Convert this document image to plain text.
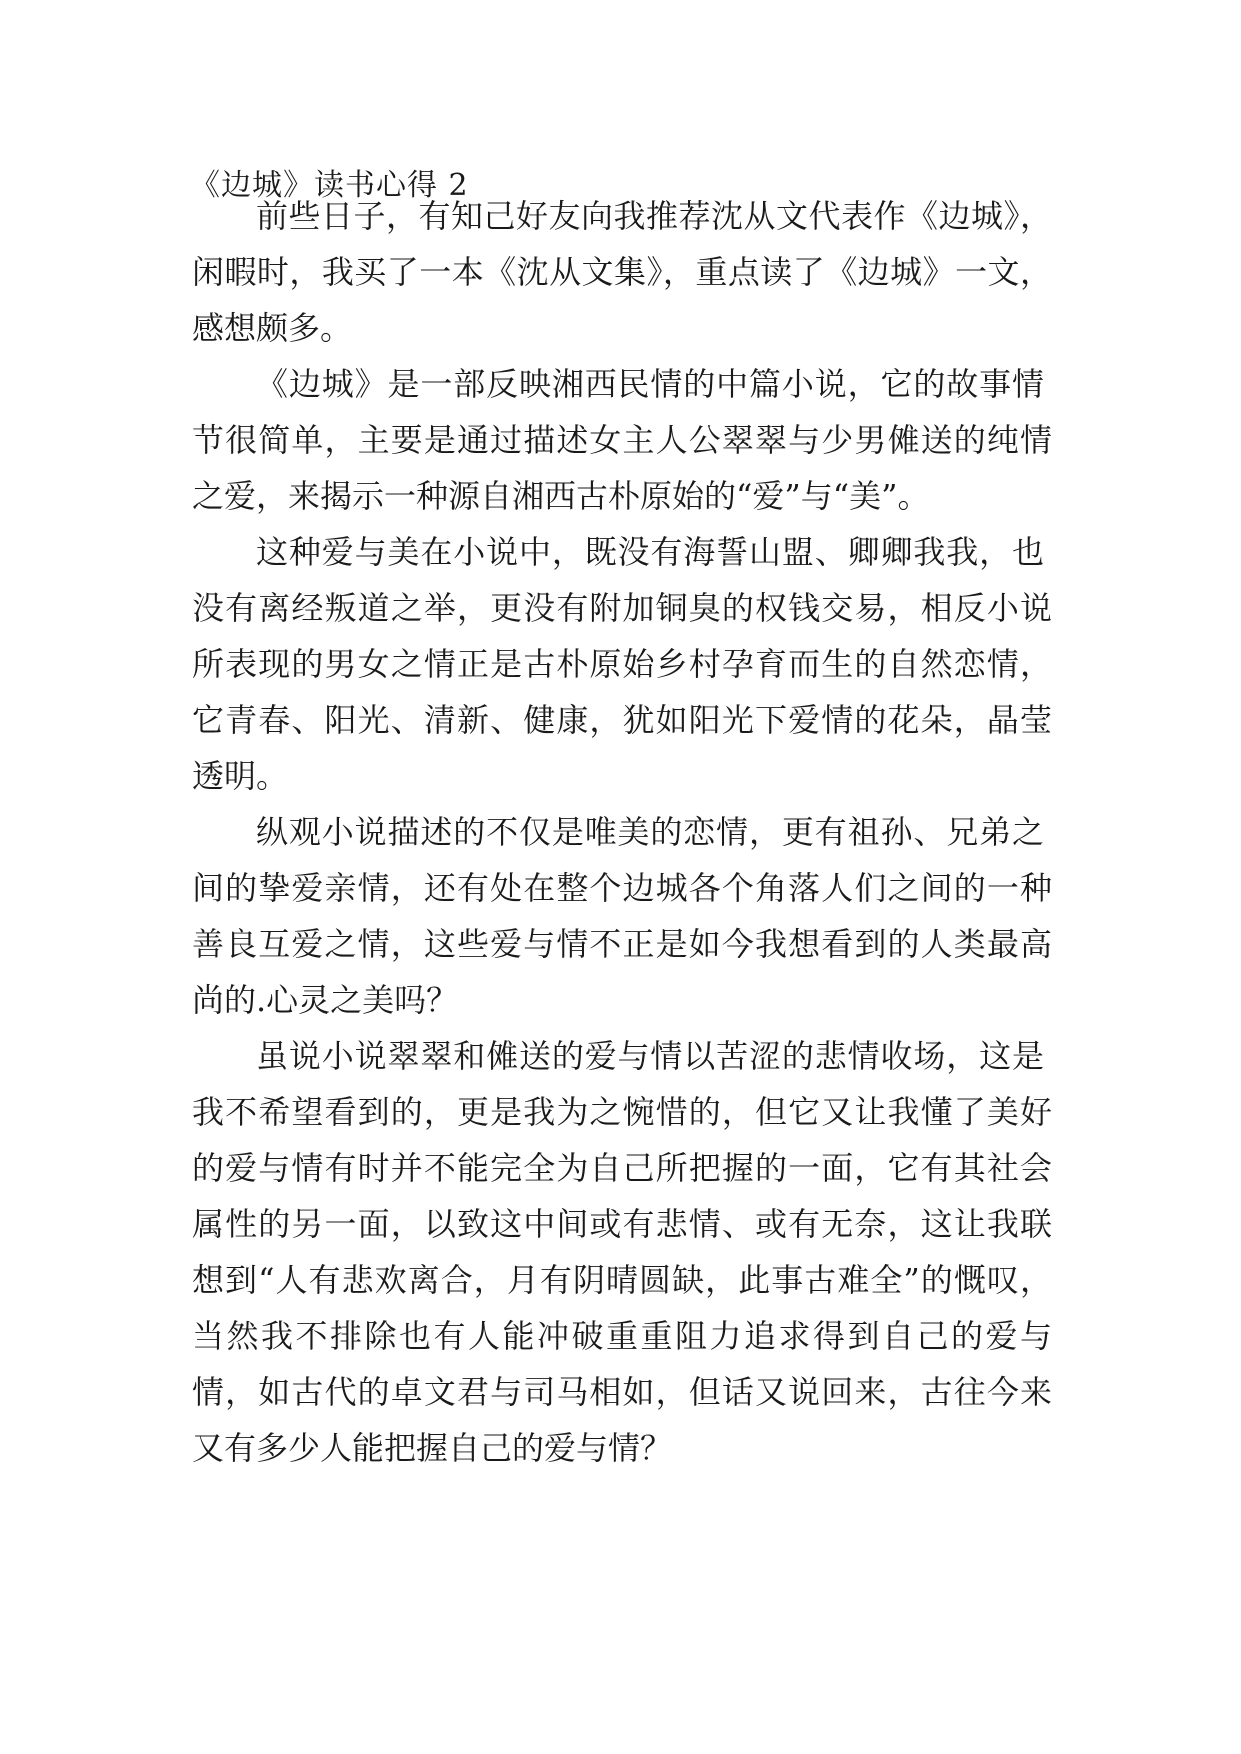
《边城》读书心得 2
前些日子，有知己好友向我推荐沈从文代表作《边城》，
闲暇时，我买了一本《沈从文集》，重点读了《边城》一文，
感想颇多。
《边城》是一部反映湘西民情的中篇小说，它的故事情
节很简单，主要是通过描述女主人公翠翠与少男傩送的纯情
之爱，来揭示一种源自湘西古朴原始的“爱”与“美”。
这种爱与美在小说中，既没有海誓山盟、卿卿我我，也
没有离经叛道之举，更没有附加铜臭的权钱交易，相反小说
所表现的男女之情正是古朴原始乡村孕育而生的自然恋情，
它青春、阳光、清新、健康，犹如阳光下爱情的花朵，晶莹
透明。
纵观小说描述的不仅是唯美的恋情，更有祖孙、兄弟之
间的挚爱亲情，还有处在整个边城各个角落人们之间的一种
善良互爱之情，这些爱与情不正是如今我想看到的人类最高
尚的.心灵之美吗？
虽说小说翠翠和傩送的爱与情以苦涩的悲情收场，这是
我不希望看到的，更是我为之惋惜的，但它又让我懂了美好
的爱与情有时并不能完全为自己所把握的一面，它有其社会
属性的另一面，以致这中间或有悲情、或有无奈，这让我联
想到“人有悲欢离合，月有阴晴圆缺，此事古难全”的慨叹，
当然我不排除也有人能冲破重重阻力追求得到自己的爱与
情，如古代的卓文君与司马相如，但话又说回来，古往今来
又有多少人能把握自己的爱与情？
